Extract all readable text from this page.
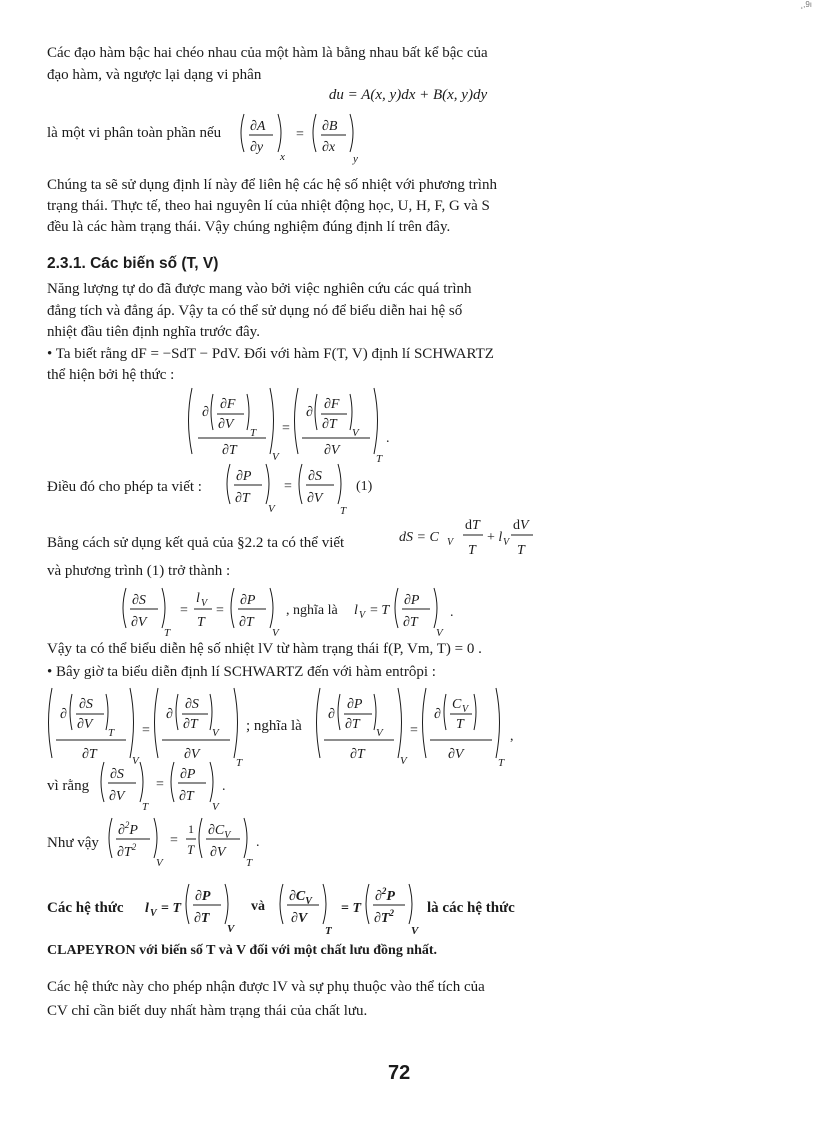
¸,9ı
Các đạo hàm bậc hai chéo nhau của một hàm là bằng nhau bất kể bậc của
đạo hàm, và ngược lại dạng vi phân
du = A(x, y)dx + B(x, y)dy
là một vi phân toàn phần nếu ∂A
∂y
x
=
∂B
∂x
y
Chúng ta sẽ sử dụng định lí này để liên hệ các hệ số nhiệt với phương trình
trạng thái. Thực tế, theo hai nguyên lí của nhiệt động học, U, H, F, G và S
đều là các hàm trạng thái. Vậy chúng nghiệm đúng định lí trên đây.
2.3.1. Các biến số (T, V)
Năng lượng tự do đã được mang vào bởi việc nghiên cứu các quá trình
đẳng tích và đẳng áp. Vậy ta có thể sử dụng nó để biểu diễn hai hệ số
nhiệt đầu tiên định nghĩa trước đây.
• Ta biết rằng dF = −SdT − PdV. Đối với hàm F(T, V) định lí SCHWARTZ
thể hiện bởi hệ thức :
∂
∂F
∂V
T
∂T	V
=
∂
∂F
∂T
V
∂V
T
.
Điều đó cho phép ta viết :
∂P
∂T
V
=
∂S
∂V
T
(1)
Bằng cách sử dụng kết quả của §2.2 ta có thể viết	dS = C V
dT
T
+ l V
dV
T
và phương trình (1) trở thành :
∂S
∂V
T
=
l V
T
=
∂P
∂T
V
, nghĩa là l V = T
∂P
∂T
V
.
Vậy ta có thể biểu diễn hệ số nhiệt lV từ hàm trạng thái f(P, Vm, T) = 0 .
• Bây giờ ta biểu diễn định lí SCHWARTZ đến với hàm entrôpi :
∂
∂S
∂V
T
∂T	V
=
∂
∂S
∂T
V
∂V
T
; nghĩa là
∂
∂P
∂T
V
∂T	V
=
∂
C V
T
∂V
T
,
vì rằng
∂S
∂V
T
=
∂P
∂T
V
.
Như vậy
∂$^2$P
$\partial T^2$
V
=
1
T
$\partial C_V$
∂V
T
.
Các hệ thức l V = T
∂P
∂T
V
và
$\partial C_V$
∂V
T
= T
∂$^2$P
$\partial T^2$
V
là các hệ thức
CLAPEYRON với biến số T và V đối với một chất lưu đồng nhất.
Các hệ thức này cho phép nhận được lV và sự phụ thuộc vào thể tích của
CV chỉ cần biết duy nhất hàm trạng thái của chất lưu.
72
